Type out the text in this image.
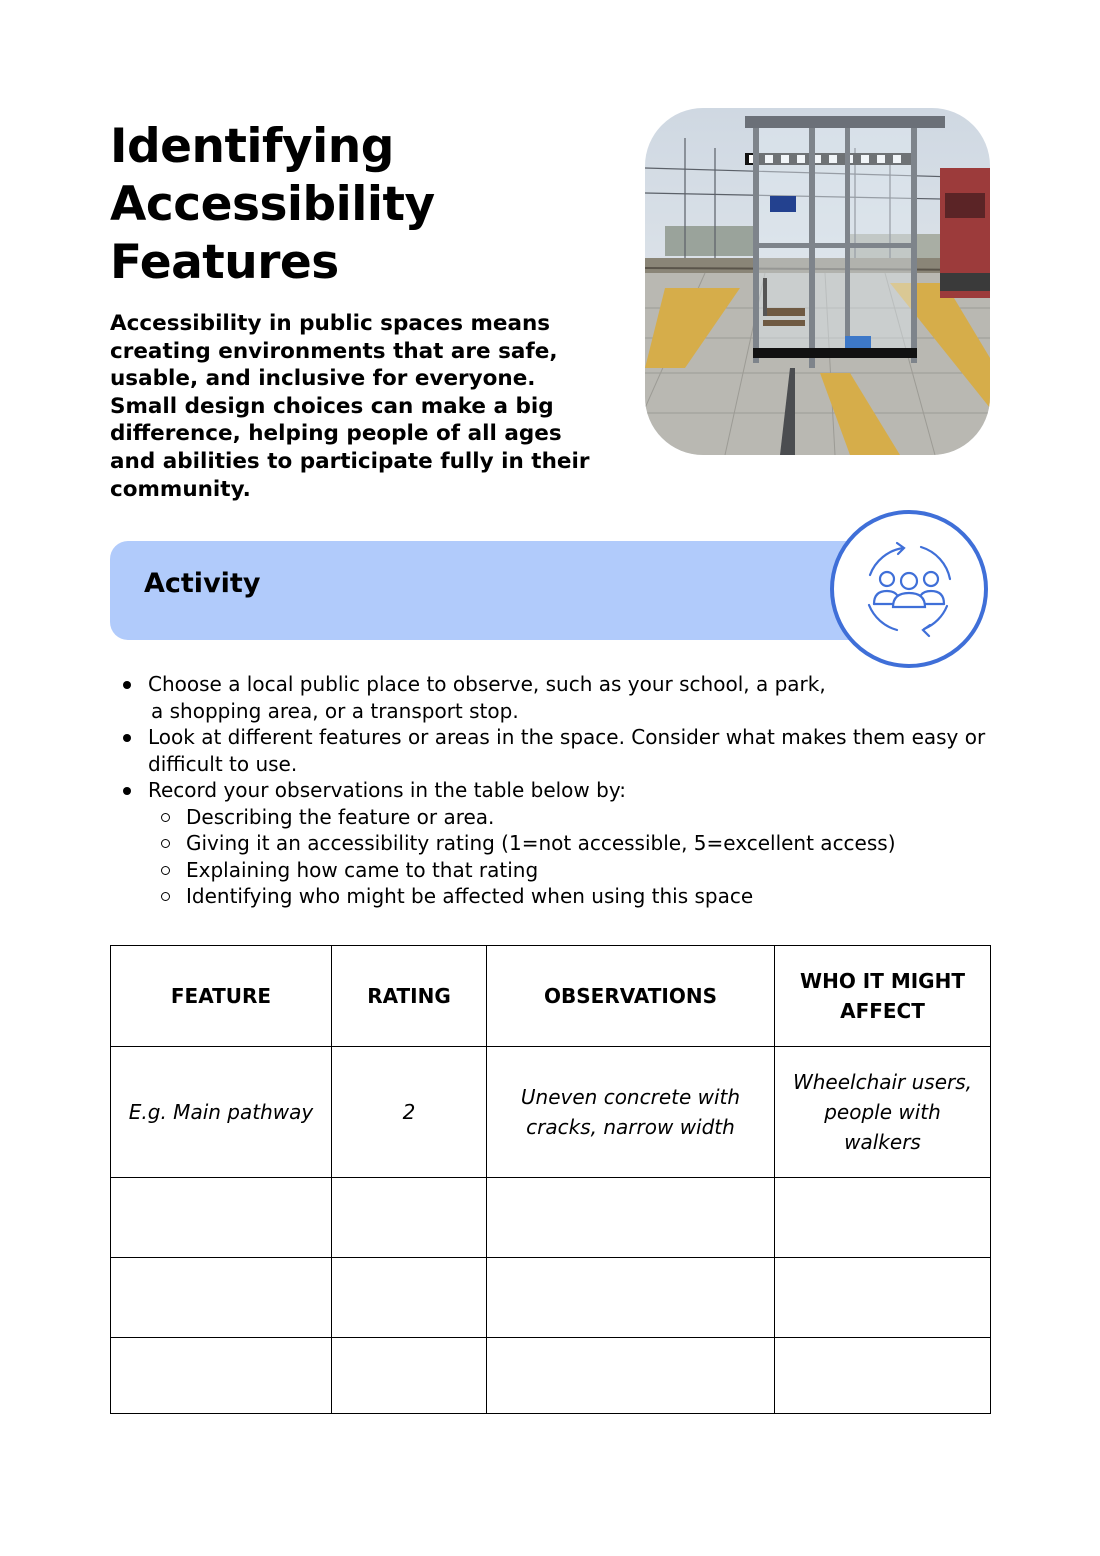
Identifying
Accessibility
Features
Accessibility in public spaces means creating environments that are safe, usable, and inclusive for everyone. Small design choices can make a big difference, helping people of all ages and abilities to participate fully in their community.
Activity
Choose a local public place to observe, such as your school, a park,
a shopping area, or a transport stop.
Look at different features or areas in the space. Consider what makes them easy or difficult to use.
Record your observations in the table below by:
Describing the feature or area.
Giving it an accessibility rating (1=not accessible, 5=excellent access)
Explaining how came to that rating
Identifying who might be affected when using this space
FEATURE	RATING	OBSERVATIONS	WHO IT MIGHT AFFECT
E.g. Main pathway	2	Uneven concrete with cracks, narrow width	Wheelchair users, people with walkers
